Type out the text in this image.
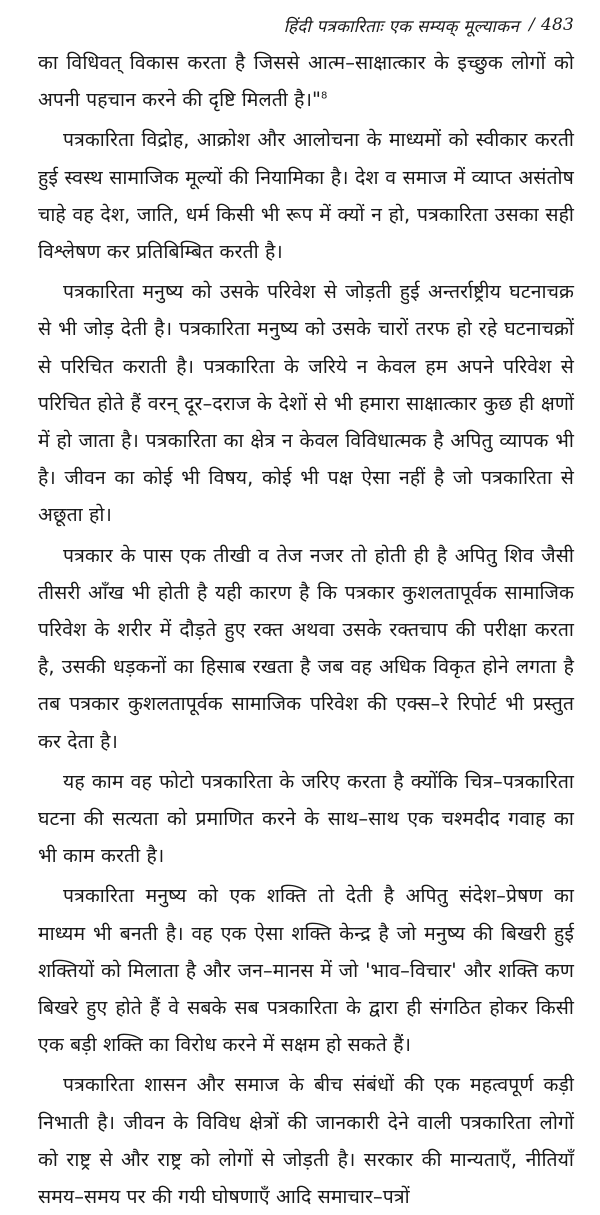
हिंदी पत्रकारिताः एक सम्यक् मूल्याकन / 483

का विधिवत् विकास करता है जिससे आत्म–साक्षात्कार के इच्छुक लोगों को अपनी पहचान करने की दृष्टि मिलती है।"$^8$

पत्रकारिता विद्रोह, आक्रोश और आलोचना के माध्यमों को स्वीकार करती हुई स्वस्थ सामाजिक मूल्यों की नियामिका है। देश व समाज में व्याप्त असंतोष चाहे वह देश, जाति, धर्म किसी भी रूप में क्यों न हो, पत्रकारिता उसका सही विश्लेषण कर प्रतिबिम्बित करती है।

पत्रकारिता मनुष्य को उसके परिवेश से जोड़ती हुई अन्तर्राष्ट्रीय घटनाचक्र से भी जोड़ देती है। पत्रकारिता मनुष्य को उसके चारों तरफ हो रहे घटनाचक्रों से परिचित कराती है। पत्रकारिता के जरिये न केवल हम अपने परिवेश से परिचित होते हैं वरन् दूर–दराज के देशों से भी हमारा साक्षात्कार कुछ ही क्षणों में हो जाता है। पत्रकारिता का क्षेत्र न केवल विविधात्मक है अपितु व्यापक भी है। जीवन का कोई भी विषय, कोई भी पक्ष ऐसा नहीं है जो पत्रकारिता से अछूता हो।

पत्रकार के पास एक तीखी व तेज नजर तो होती ही है अपितु शिव जैसी तीसरी आँख भी होती है यही कारण है कि पत्रकार कुशलतापूर्वक सामाजिक परिवेश के शरीर में दौड़ते हुए रक्त अथवा उसके रक्तचाप की परीक्षा करता है, उसकी धड़कनों का हिसाब रखता है जब वह अधिक विकृत होने लगता है तब पत्रकार कुशलतापूर्वक सामाजिक परिवेश की एक्स–रे रिपोर्ट भी प्रस्तुत कर देता है।

यह काम वह फोटो पत्रकारिता के जरिए करता है क्योंकि चित्र–पत्रकारिता घटना की सत्यता को प्रमाणित करने के साथ–साथ एक चश्मदीद गवाह का भी काम करती है।

पत्रकारिता मनुष्य को एक शक्ति तो देती है अपितु संदेश–प्रेषण का माध्यम भी बनती है। वह एक ऐसा शक्ति केन्द्र है जो मनुष्य की बिखरी हुई शक्तियों को मिलाता है और जन–मानस में जो 'भाव–विचार' और शक्ति कण बिखरे हुए होते हैं वे सबके सब पत्रकारिता के द्वारा ही संगठित होकर किसी एक बड़ी शक्ति का विरोध करने में सक्षम हो सकते हैं।

पत्रकारिता शासन और समाज के बीच संबंधों की एक महत्वपूर्ण कड़ी निभाती है। जीवन के विविध क्षेत्रों की जानकारी देने वाली पत्रकारिता लोगों को राष्ट्र से और राष्ट्र को लोगों से जोड़ती है। सरकार की मान्यताएँ, नीतियाँ समय–समय पर की गयी घोषणाएँ आदि समाचार–पत्रों
